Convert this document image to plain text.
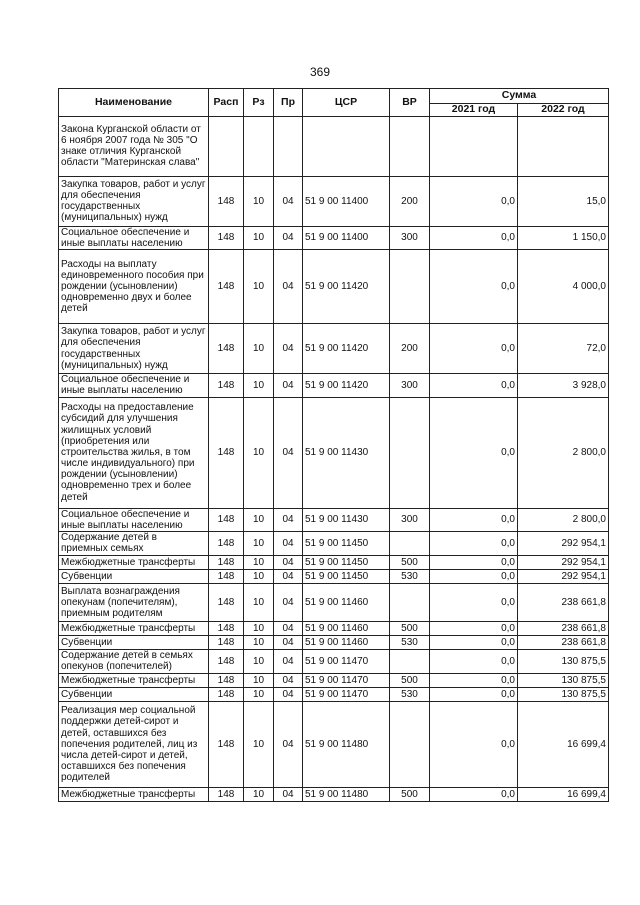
369
Наименование	Расп	Рз	Пр	ЦСР	ВР	Сумма	
						2021 год	2022 год
Закона Курганской области от 6 ноября 2007 года № 305 "О знаке отличия Курганской области "Материнская слава"							
Закупка товаров, работ и услуг для обеспечения государственных (муниципальных) нужд	148	10	04	51 9 00 11400	200	0,0	15,0
Социальное обеспечение и иные выплаты населению	148	10	04	51 9 00 11400	300	0,0	1 150,0
Расходы на выплату единовременного пособия при рождении (усыновлении) одновременно двух и более детей	148	10	04	51 9 00 11420		0,0	4 000,0
Закупка товаров, работ и услуг для обеспечения государственных (муниципальных) нужд	148	10	04	51 9 00 11420	200	0,0	72,0
Социальное обеспечение и иные выплаты населению	148	10	04	51 9 00 11420	300	0,0	3 928,0
Расходы на предоставление субсидий для улучшения жилищных условий (приобретения или строительства жилья, в том числе индивидуального) при рождении (усыновлении) одновременно трех и более детей	148	10	04	51 9 00 11430		0,0	2 800,0
Социальное обеспечение и иные выплаты населению	148	10	04	51 9 00 11430	300	0,0	2 800,0
Содержание детей в приемных семьях	148	10	04	51 9 00 11450		0,0	292 954,1
Межбюджетные трансферты	148	10	04	51 9 00 11450	500	0,0	292 954,1
Субвенции	148	10	04	51 9 00 11450	530	0,0	292 954,1
Выплата вознаграждения опекунам (попечителям), приемным родителям	148	10	04	51 9 00 11460		0,0	238 661,8
Межбюджетные трансферты	148	10	04	51 9 00 11460	500	0,0	238 661,8
Субвенции	148	10	04	51 9 00 11460	530	0,0	238 661,8
Содержание детей в семьях опекунов (попечителей)	148	10	04	51 9 00 11470		0,0	130 875,5
Межбюджетные трансферты	148	10	04	51 9 00 11470	500	0,0	130 875,5
Субвенции	148	10	04	51 9 00 11470	530	0,0	130 875,5
Реализация мер социальной поддержки детей-сирот и детей, оставшихся без попечения родителей, лиц из числа детей-сирот и детей, оставшихся без попечения родителей	148	10	04	51 9 00 11480		0,0	16 699,4
Межбюджетные трансферты	148	10	04	51 9 00 11480	500	0,0	16 699,4
